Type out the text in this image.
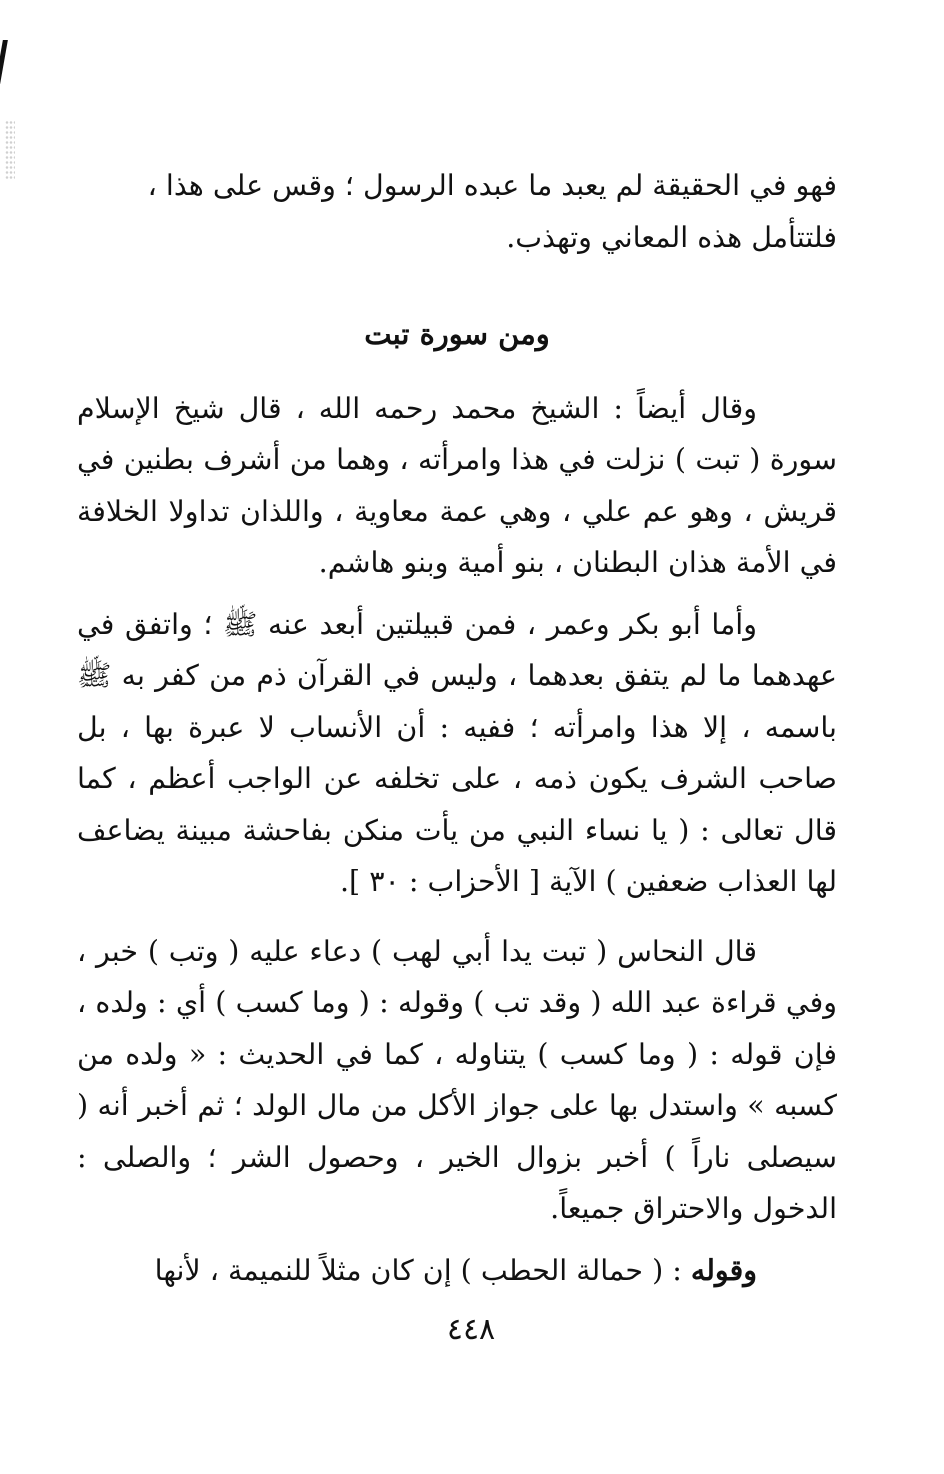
فهو في الحقيقة لم يعبد ما عبده الرسول ؛ وقس على هذا ،
فلتتأمل هذه المعاني وتهذب.

ومن سورة تبت

وقال أيضاً : الشيخ محمد رحمه الله ، قال شيخ الإسلام سورة ( تبت ) نزلت في هذا وامرأته ، وهما من أشرف بطنين في قريش ، وهو عم علي ، وهي عمة معاوية ، واللذان تداولا الخلافة في الأمة هذان البطنان ، بنو أمية وبنو هاشم.

وأما أبو بكر وعمر ، فمن قبيلتين أبعد عنه ﷺ ؛ واتفق في عهدهما ما لم يتفق بعدهما ، وليس في القرآن ذم من كفر به ﷺ باسمه ، إلا هذا وامرأته ؛ ففيه : أن الأنساب لا عبرة بها ، بل صاحب الشرف يكون ذمه ، على تخلفه عن الواجب أعظم ، كما قال تعالى : ( يا نساء النبي من يأت منكن بفاحشة مبينة يضاعف لها العذاب ضعفين ) الآية [ الأحزاب : ٣٠ ].

قال النحاس ( تبت يدا أبي لهب ) دعاء عليه ( وتب ) خبر ، وفي قراءة عبد الله ( وقد تب ) وقوله : ( وما كسب ) أي : ولده ، فإن قوله : ( وما كسب ) يتناوله ، كما في الحديث : « ولده من كسبه » واستدل بها على جواز الأكل من مال الولد ؛ ثم أخبر أنه ( سيصلى ناراً ) أخبر بزوال الخير ، وحصول الشر ؛ والصلى : الدخول والاحتراق جميعاً.

وقوله : ( حمالة الحطب ) إن كان مثلاً للنميمة ، لأنها

٤٤٨
